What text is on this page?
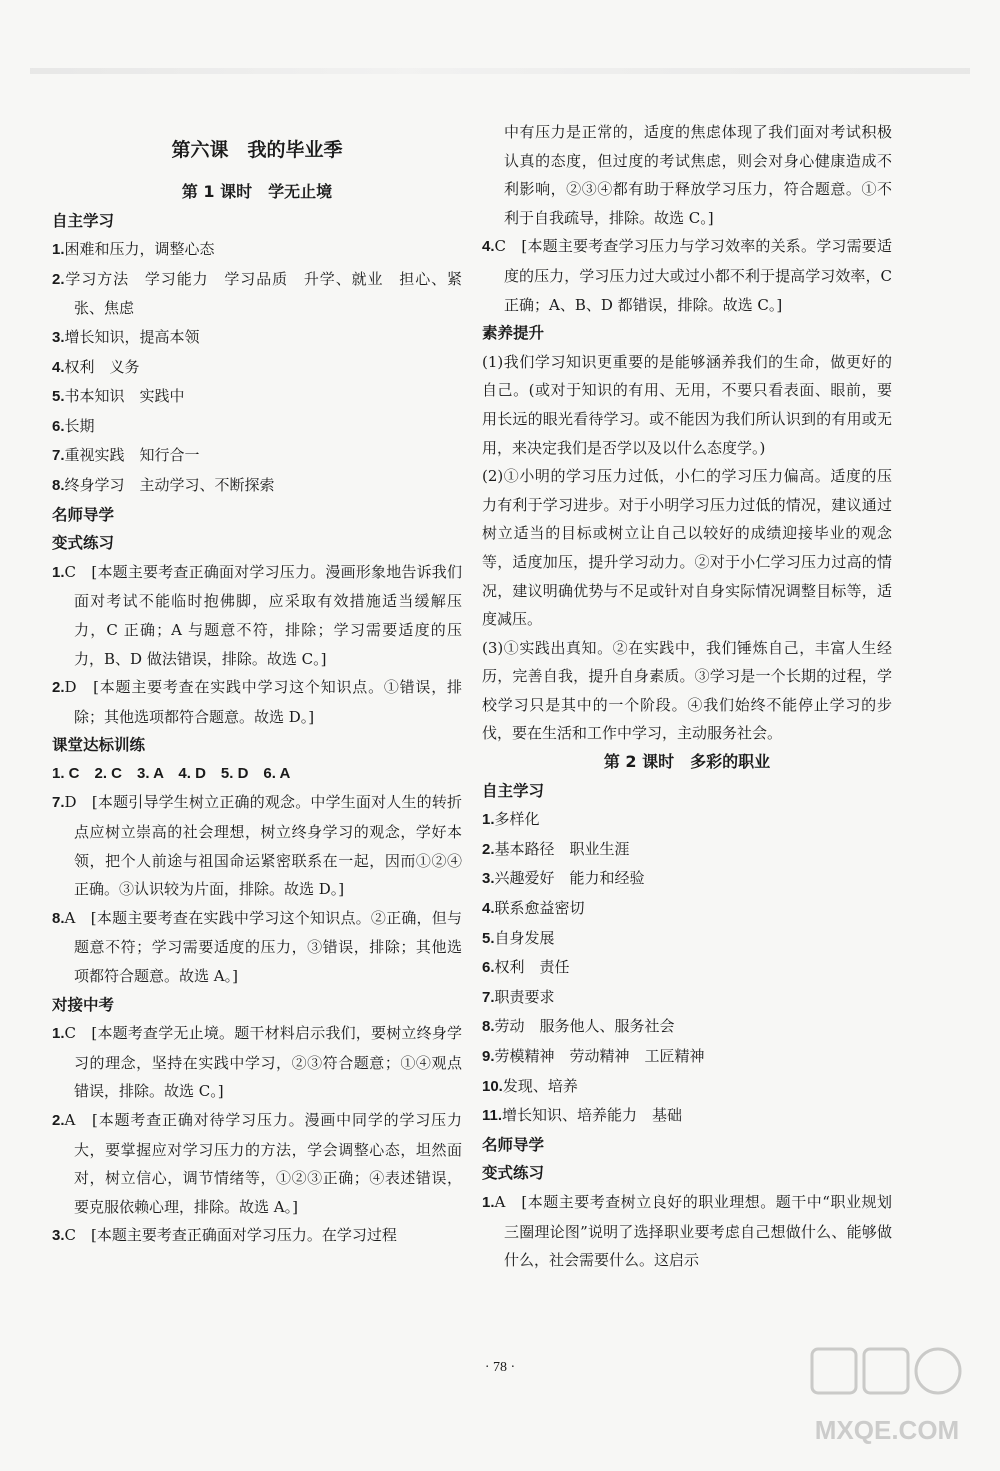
第六课　我的毕业季
第 1 课时　学无止境
自主学习
1.困难和压力，调整心态
2.学习方法　学习能力　学习品质　升学、就业　担心、紧张、焦虑
3.增长知识，提高本领
4.权利　义务
5.书本知识　实践中
6.长期
7.重视实践　知行合一
8.终身学习　主动学习、不断探索
名师导学
变式练习
1.C　[本题主要考查正确面对学习压力。漫画形象地告诉我们面对考试不能临时抱佛脚，应采取有效措施适当缓解压力，C 正确；A 与题意不符，排除；学习需要适度的压力，B、D 做法错误，排除。故选 C。]
2.D　[本题主要考查在实践中学习这个知识点。①错误，排除；其他选项都符合题意。故选 D。]
课堂达标训练
1. C　2. C　3. A　4. D　5. D　6. A
7.D　[本题引导学生树立正确的观念。中学生面对人生的转折点应树立崇高的社会理想，树立终身学习的观念，学好本领，把个人前途与祖国命运紧密联系在一起，因而①②④正确。③认识较为片面，排除。故选 D。]
8.A　[本题主要考查在实践中学习这个知识点。②正确，但与题意不符；学习需要适度的压力，③错误，排除；其他选项都符合题意。故选 A。]
对接中考
1.C　[本题考查学无止境。题干材料启示我们，要树立终身学习的理念，坚持在实践中学习，②③符合题意；①④观点错误，排除。故选 C。]
2.A　[本题考查正确对待学习压力。漫画中同学的学习压力大，要掌握应对学习压力的方法，学会调整心态，坦然面对，树立信心，调节情绪等，①②③正确；④表述错误，要克服依赖心理，排除。故选 A。]
3.C　[本题主要考查正确面对学习压力。在学习过程
中有压力是正常的，适度的焦虑体现了我们面对考试积极认真的态度，但过度的考试焦虑，则会对身心健康造成不利影响，②③④都有助于释放学习压力，符合题意。①不利于自我疏导，排除。故选 C。]
4.C　[本题主要考查学习压力与学习效率的关系。学习需要适度的压力，学习压力过大或过小都不利于提高学习效率，C 正确；A、B、D 都错误，排除。故选 C。]
素养提升
(1)我们学习知识更重要的是能够涵养我们的生命，做更好的自己。(或对于知识的有用、无用，不要只看表面、眼前，要用长远的眼光看待学习。或不能因为我们所认识到的有用或无用，来决定我们是否学以及以什么态度学。)
(2)①小明的学习压力过低，小仁的学习压力偏高。适度的压力有利于学习进步。对于小明学习压力过低的情况，建议通过树立适当的目标或树立让自己以较好的成绩迎接毕业的观念等，适度加压，提升学习动力。②对于小仁学习压力过高的情况，建议明确优势与不足或针对自身实际情况调整目标等，适度减压。
(3)①实践出真知。②在实践中，我们锤炼自己，丰富人生经历，完善自我，提升自身素质。③学习是一个长期的过程，学校学习只是其中的一个阶段。④我们始终不能停止学习的步伐，要在生活和工作中学习，主动服务社会。
第 2 课时　多彩的职业
自主学习
1.多样化
2.基本路径　职业生涯
3.兴趣爱好　能力和经验
4.联系愈益密切
5.自身发展
6.权利　责任
7.职责要求
8.劳动　服务他人、服务社会
9.劳模精神　劳动精神　工匠精神
10.发现、培养
11.增长知识、培养能力　基础
名师导学
变式练习
1.A　[本题主要考查树立良好的职业理想。题干中“职业规划三圈理论图”说明了选择职业要考虑自己想做什么、能够做什么，社会需要什么。这启示
· 78 ·
MXQE.COM
